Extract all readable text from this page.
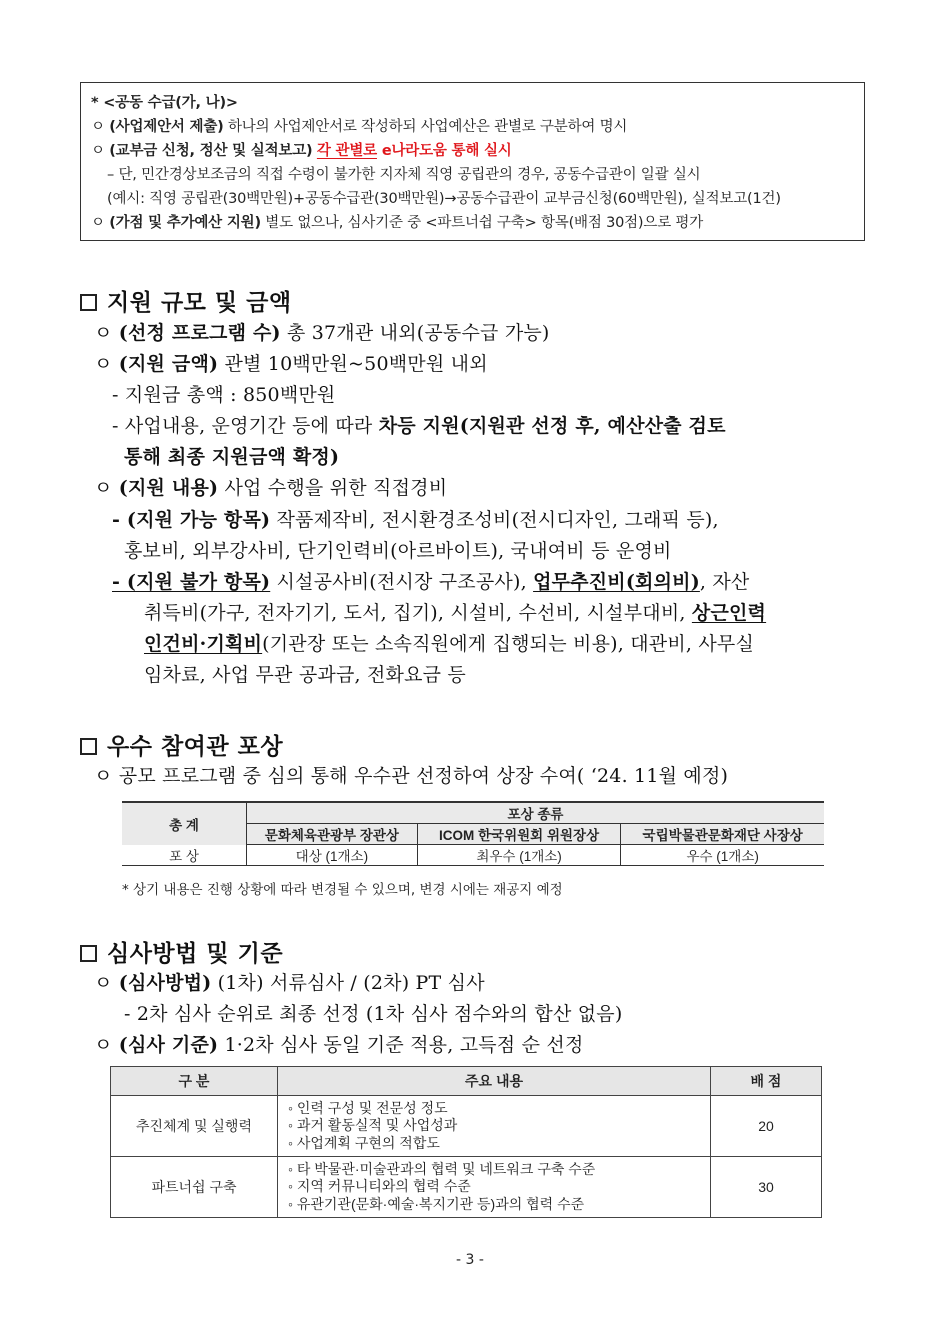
* <공동 수급(가, 나)>
ㅇ (사업제안서 제출) 하나의 사업제안서로 작성하되 사업예산은 관별로 구분하여 명시
ㅇ (교부금 신청, 정산 및 실적보고) 각 관별로 e나라도움 통해 실시
– 단, 민간경상보조금의 직접 수령이 불가한 지자체 직영 공립관의 경우, 공동수급관이 일괄 실시
(예시: 직영 공립관(30백만원)+공동수급관(30백만원)→공동수급관이 교부금신청(60백만원), 실적보고(1건)
ㅇ (가점 및 추가예산 지원) 별도 없으나, 심사기준 중 <파트너쉽 구축> 항목(배점 30점)으로 평가
지원 규모 및 금액
ㅇ (선정 프로그램 수) 총 37개관 내외(공동수급 가능)
ㅇ (지원 금액) 관별 10백만원~50백만원 내외
- 지원금 총액 : 850백만원
- 사업내용, 운영기간 등에 따라 차등 지원(지원관 선정 후, 예산산출 검토
통해 최종 지원금액 확정)
ㅇ (지원 내용) 사업 수행을 위한 직접경비
- (지원 가능 항목) 작품제작비, 전시환경조성비(전시디자인, 그래픽 등),
홍보비, 외부강사비, 단기인력비(아르바이트), 국내여비 등 운영비
- (지원 불가 항목) 시설공사비(전시장 구조공사), 업무추진비(회의비), 자산
취득비(가구, 전자기기, 도서, 집기), 시설비, 수선비, 시설부대비, 상근인력
인건비·기획비(기관장 또는 소속직원에게 집행되는 비용), 대관비, 사무실
임차료, 사업 무관 공과금, 전화요금 등
우수 참여관 포상
ㅇ 공모 프로그램 중 심의 통해 우수관 선정하여 상장 수여( ‘24. 11월 예정)
총 계	포상 종류		
	문화체육관광부 장관상	ICOM 한국위원회 위원장상	국립박물관문화재단 사장상
포 상	대상 (1개소)	최우수 (1개소)	우수 (1개소)
* 상기 내용은 진행 상황에 따라 변경될 수 있으며, 변경 시에는 재공지 예정
심사방법 및 기준
ㅇ (심사방법) (1차) 서류심사 / (2차) PT 심사
- 2차 심사 순위로 최종 선정 (1차 심사 점수와의 합산 없음)
ㅇ (심사 기준) 1·2차 심사 동일 기준 적용, 고득점 순 선정
구 분	주요 내용	배 점
추진체계 및 실행력	◦ 인력 구성 및 전문성 정도
◦ 과거 활동실적 및 사업성과
◦ 사업계획 구현의 적합도	20
파트너쉽 구축	◦ 타 박물관·미술관과의 협력 및 네트워크 구축 수준
◦ 지역 커뮤니티와의 협력 수준
◦ 유관기관(문화·예술·복지기관 등)과의 협력 수준	30
- 3 -
